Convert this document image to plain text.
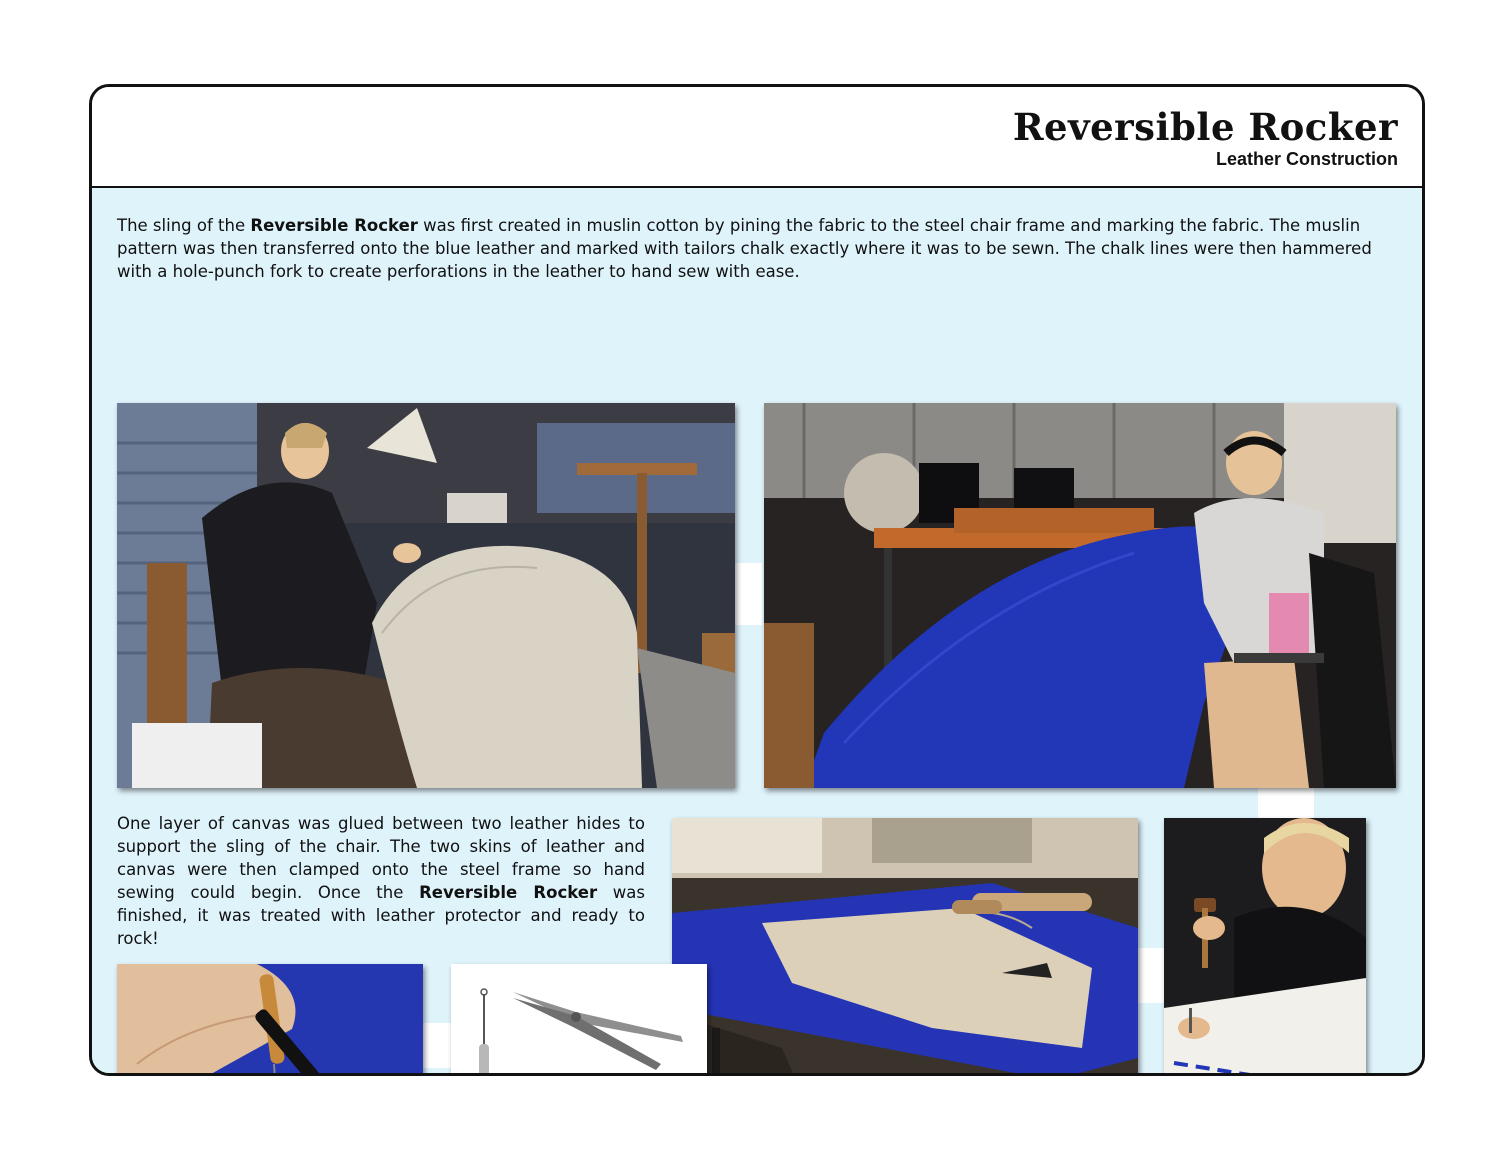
Reversible Rocker
Leather Construction

The sling of the Reversible Rocker was first created in muslin cotton by pining the fabric to the steel chair frame and marking the fabric. The muslin pattern was then transferred onto the blue leather and marked with tailors chalk exactly where it was to be sewn. The chalk lines were then hammered with a hole-punch fork to create perforations in the leather to hand sew with ease.

One layer of canvas was glued between two leather hides to support the sling of the chair. The two skins of leather and canvas were then clamped onto the steel frame so hand sewing could begin. Once the Reversible Rocker was finished, it was treated with leather protector and ready to rock!
